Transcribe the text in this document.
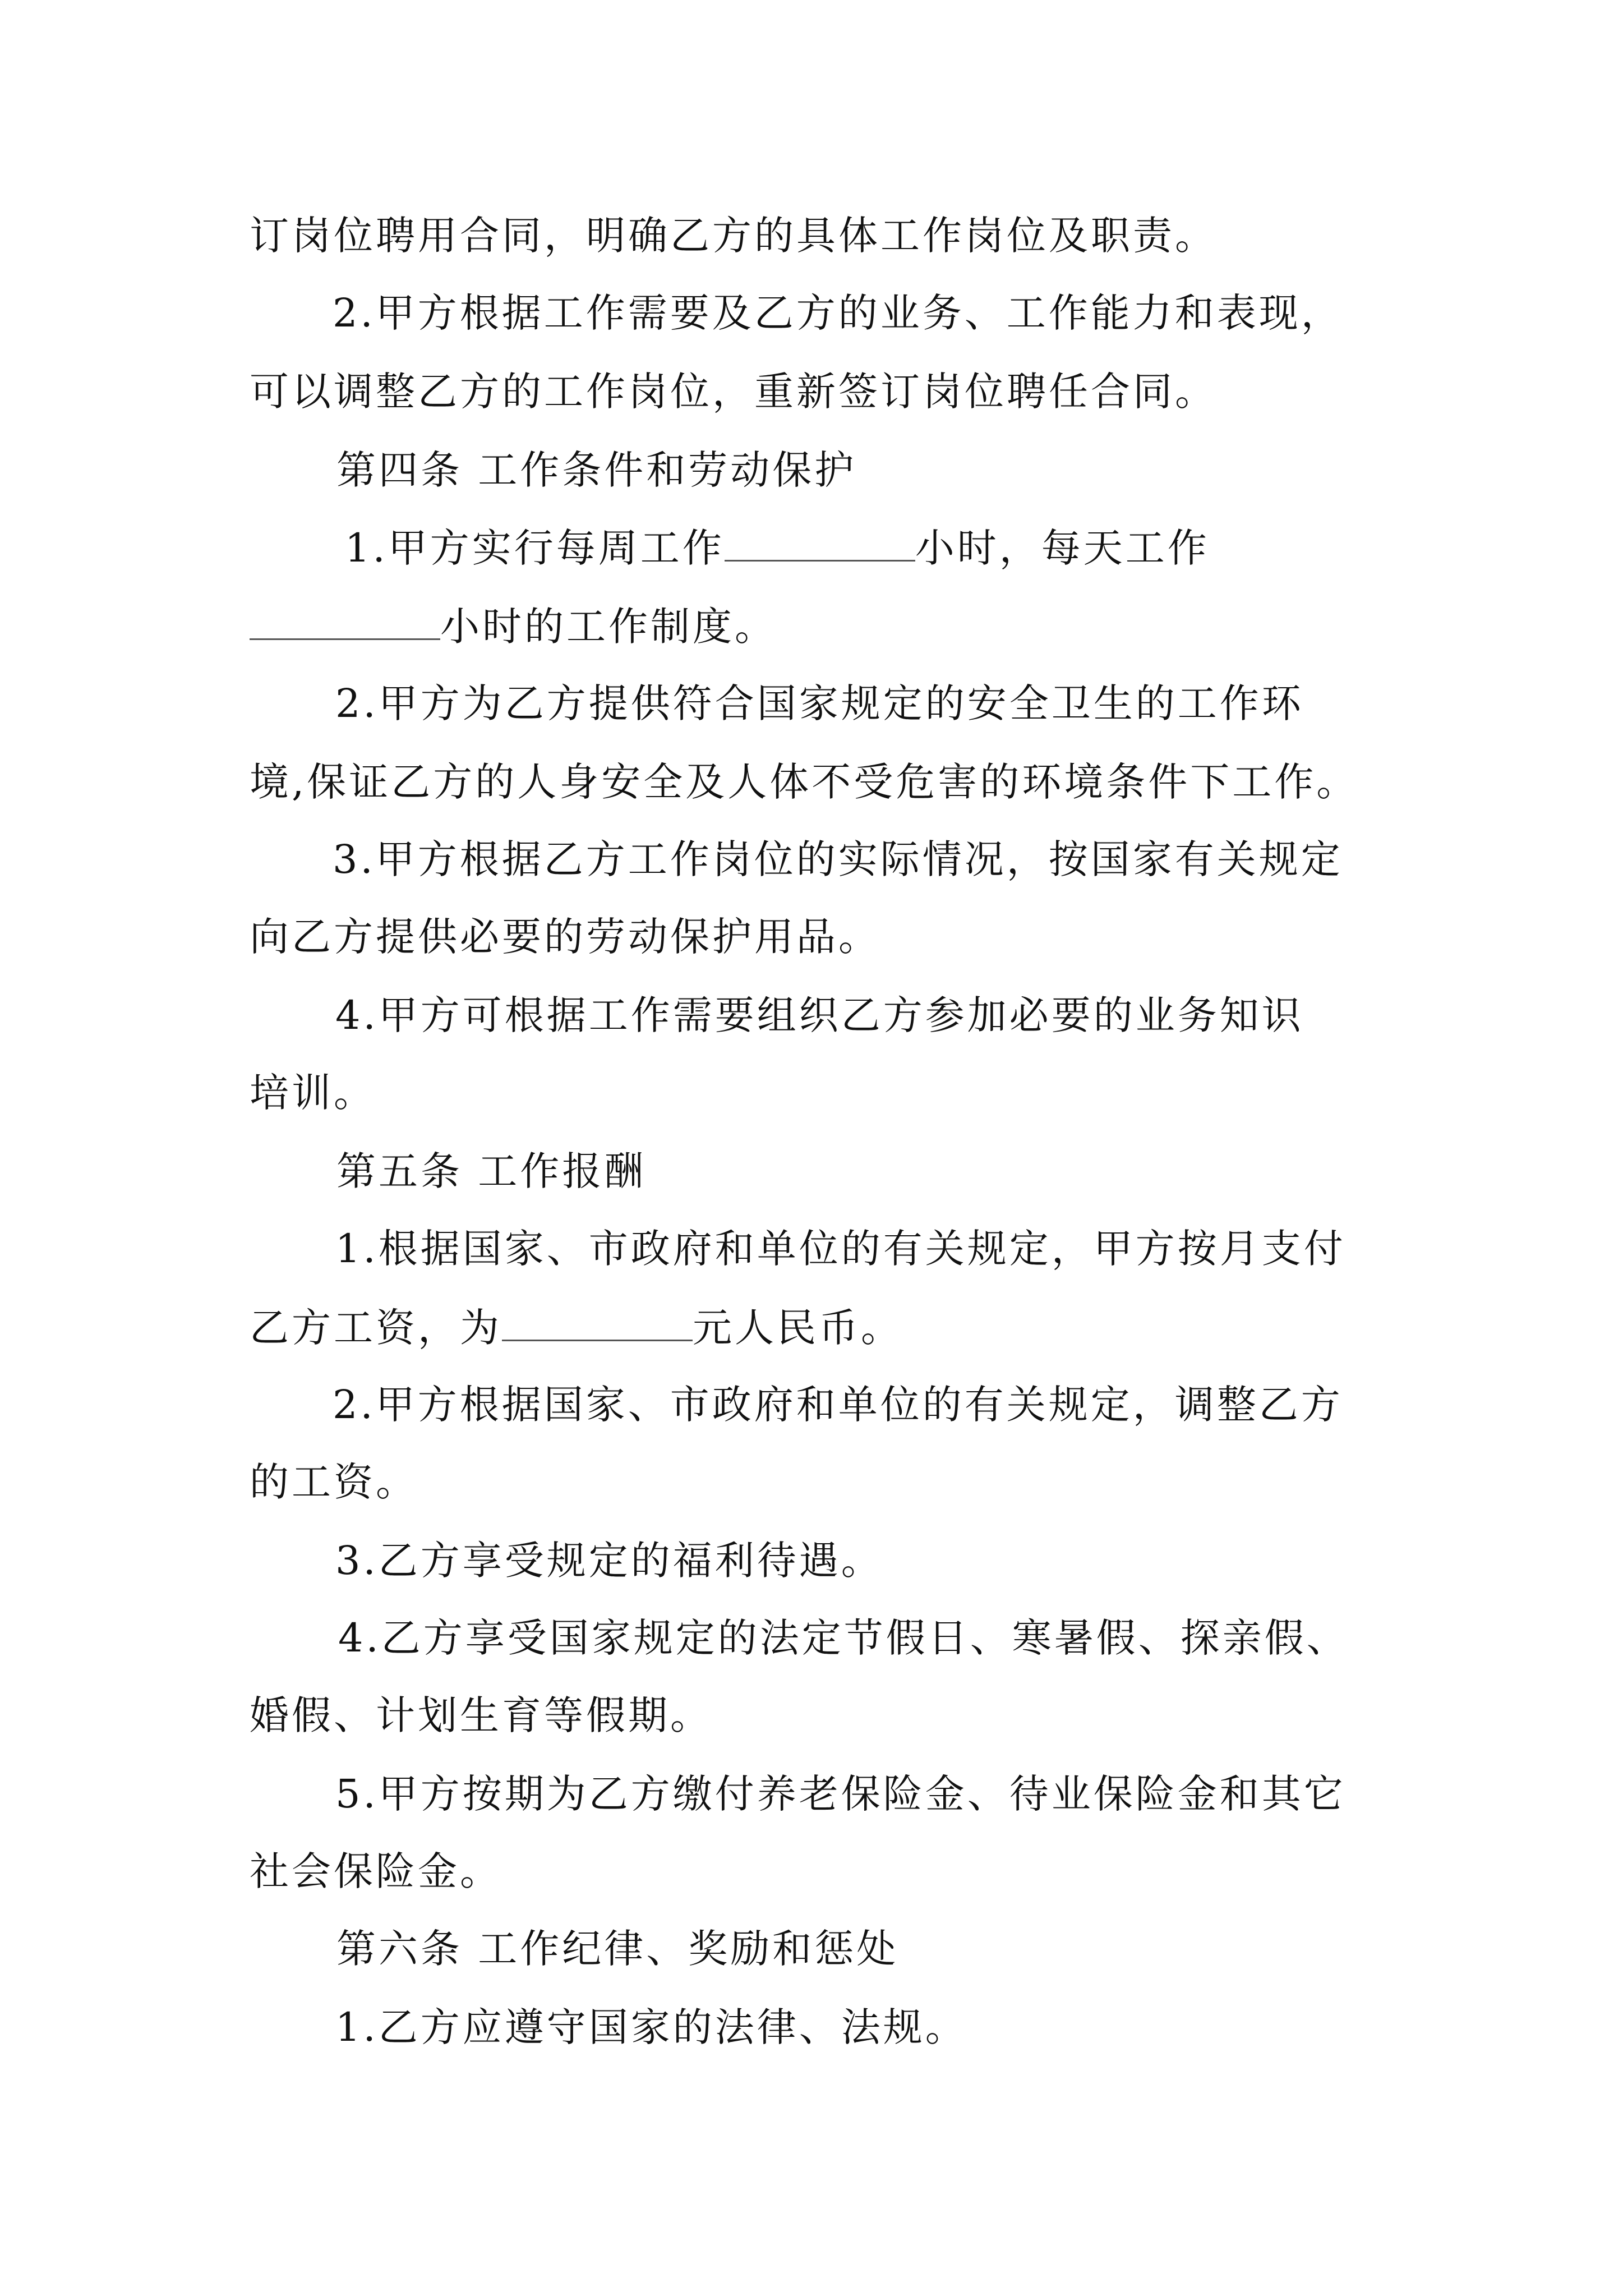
订岗位聘用合同，明确乙方的具体工作岗位及职责。
2.甲方根据工作需要及乙方的业务、工作能力和表现，
可以调整乙方的工作岗位，重新签订岗位聘任合同。
第四条 工作条件和劳动保护
1.甲方实行每周工作	小时，每天工作
小时的工作制度。
2.甲方为乙方提供符合国家规定的安全卫生的工作环
境,保证乙方的人身安全及人体不受危害的环境条件下工作。
3.甲方根据乙方工作岗位的实际情况，按国家有关规定
向乙方提供必要的劳动保护用品。
4.甲方可根据工作需要组织乙方参加必要的业务知识
培训。
第五条 工作报酬
1.根据国家、市政府和单位的有关规定，甲方按月支付
乙方工资，为	元人民币。
2.甲方根据国家、市政府和单位的有关规定，调整乙方
的工资。
3.乙方享受规定的福利待遇。
4.乙方享受国家规定的法定节假日、寒暑假、探亲假、
婚假、计划生育等假期。
5.甲方按期为乙方缴付养老保险金、待业保险金和其它
社会保险金。
第六条 工作纪律、奖励和惩处
1.乙方应遵守国家的法律、法规。
